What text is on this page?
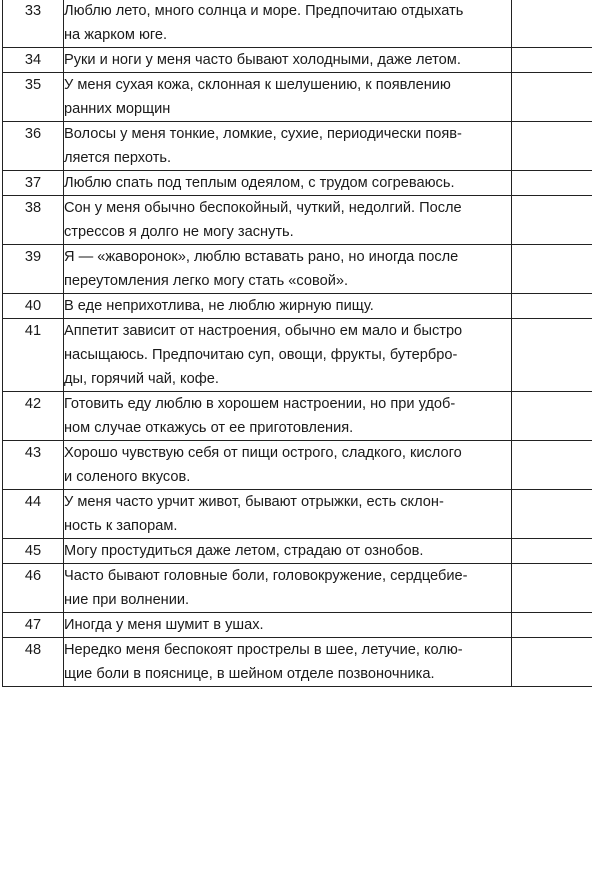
33	Люблю лето, много солнца и море. Предпочитаю отдыхать
на жарком юге.	

34	Руки и ноги у меня часто бывают холодными, даже летом.	

35	У меня сухая кожа, склонная к шелушению, к появлению
ранних морщин	

36	Волосы у меня тонкие, ломкие, сухие, периодически появ-
ляется перхоть.	

37	Люблю спать под теплым одеялом, с трудом согреваюсь.	

38	Сон у меня обычно беспокойный, чуткий, недолгий. После
стрессов я долго не могу заснуть.	

39	Я — «жаворонок», люблю вставать рано, но иногда после
переутомления легко могу стать «совой».	

40	В еде неприхотлива, не люблю жирную пищу.	

41	Аппетит зависит от настроения, обычно ем мало и быстро
насыщаюсь. Предпочитаю суп, овощи, фрукты, бутербро-
ды, горячий чай, кофе.	

42	Готовить еду люблю в хорошем настроении, но при удоб-
ном случае откажусь от ее приготовления.	

43	Хорошо чувствую себя от пищи острого, сладкого, кислого
и соленого вкусов.	

44	У меня часто урчит живот, бывают отрыжки, есть склон-
ность к запорам.	

45	Могу простудиться даже летом, страдаю от ознобов.	

46	Часто бывают головные боли, головокружение, сердцебие-
ние при волнении.	

47	Иногда у меня шумит в ушах.	

48	Нередко меня беспокоят прострелы в шее, летучие, колю-
щие боли в пояснице, в шейном отделе позвоночника.	
